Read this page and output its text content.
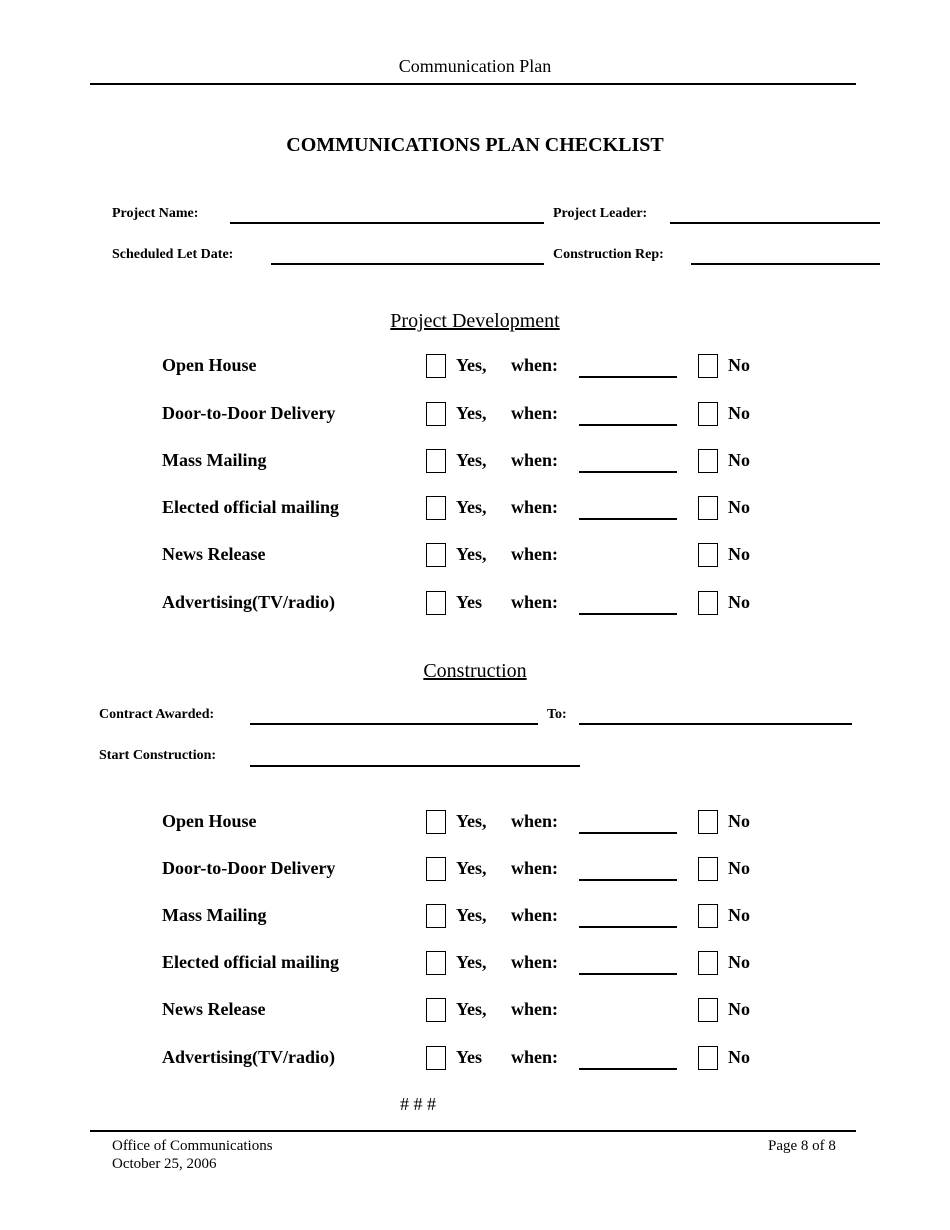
Communication Plan
COMMUNICATIONS PLAN CHECKLIST
Project Name:	Project Leader:
Scheduled Let Date:	Construction Rep:
Project Development
Open House	Yes, when:	No
Door-to-Door Delivery	Yes, when:	No
Mass Mailing	Yes, when:	No
Elected official mailing	Yes, when:	No
News Release	Yes, when:	No
Advertising(TV/radio)	Yes when:	No
Construction
Contract Awarded:	To:
Start Construction:
Open House	Yes, when:	No
Door-to-Door Delivery	Yes, when:	No
Mass Mailing	Yes, when:	No
Elected official mailing	Yes, when:	No
News Release	Yes, when:	No
Advertising(TV/radio)	Yes when:	No
# # #
Office of Communications
October 25, 2006
Page 8 of 8
